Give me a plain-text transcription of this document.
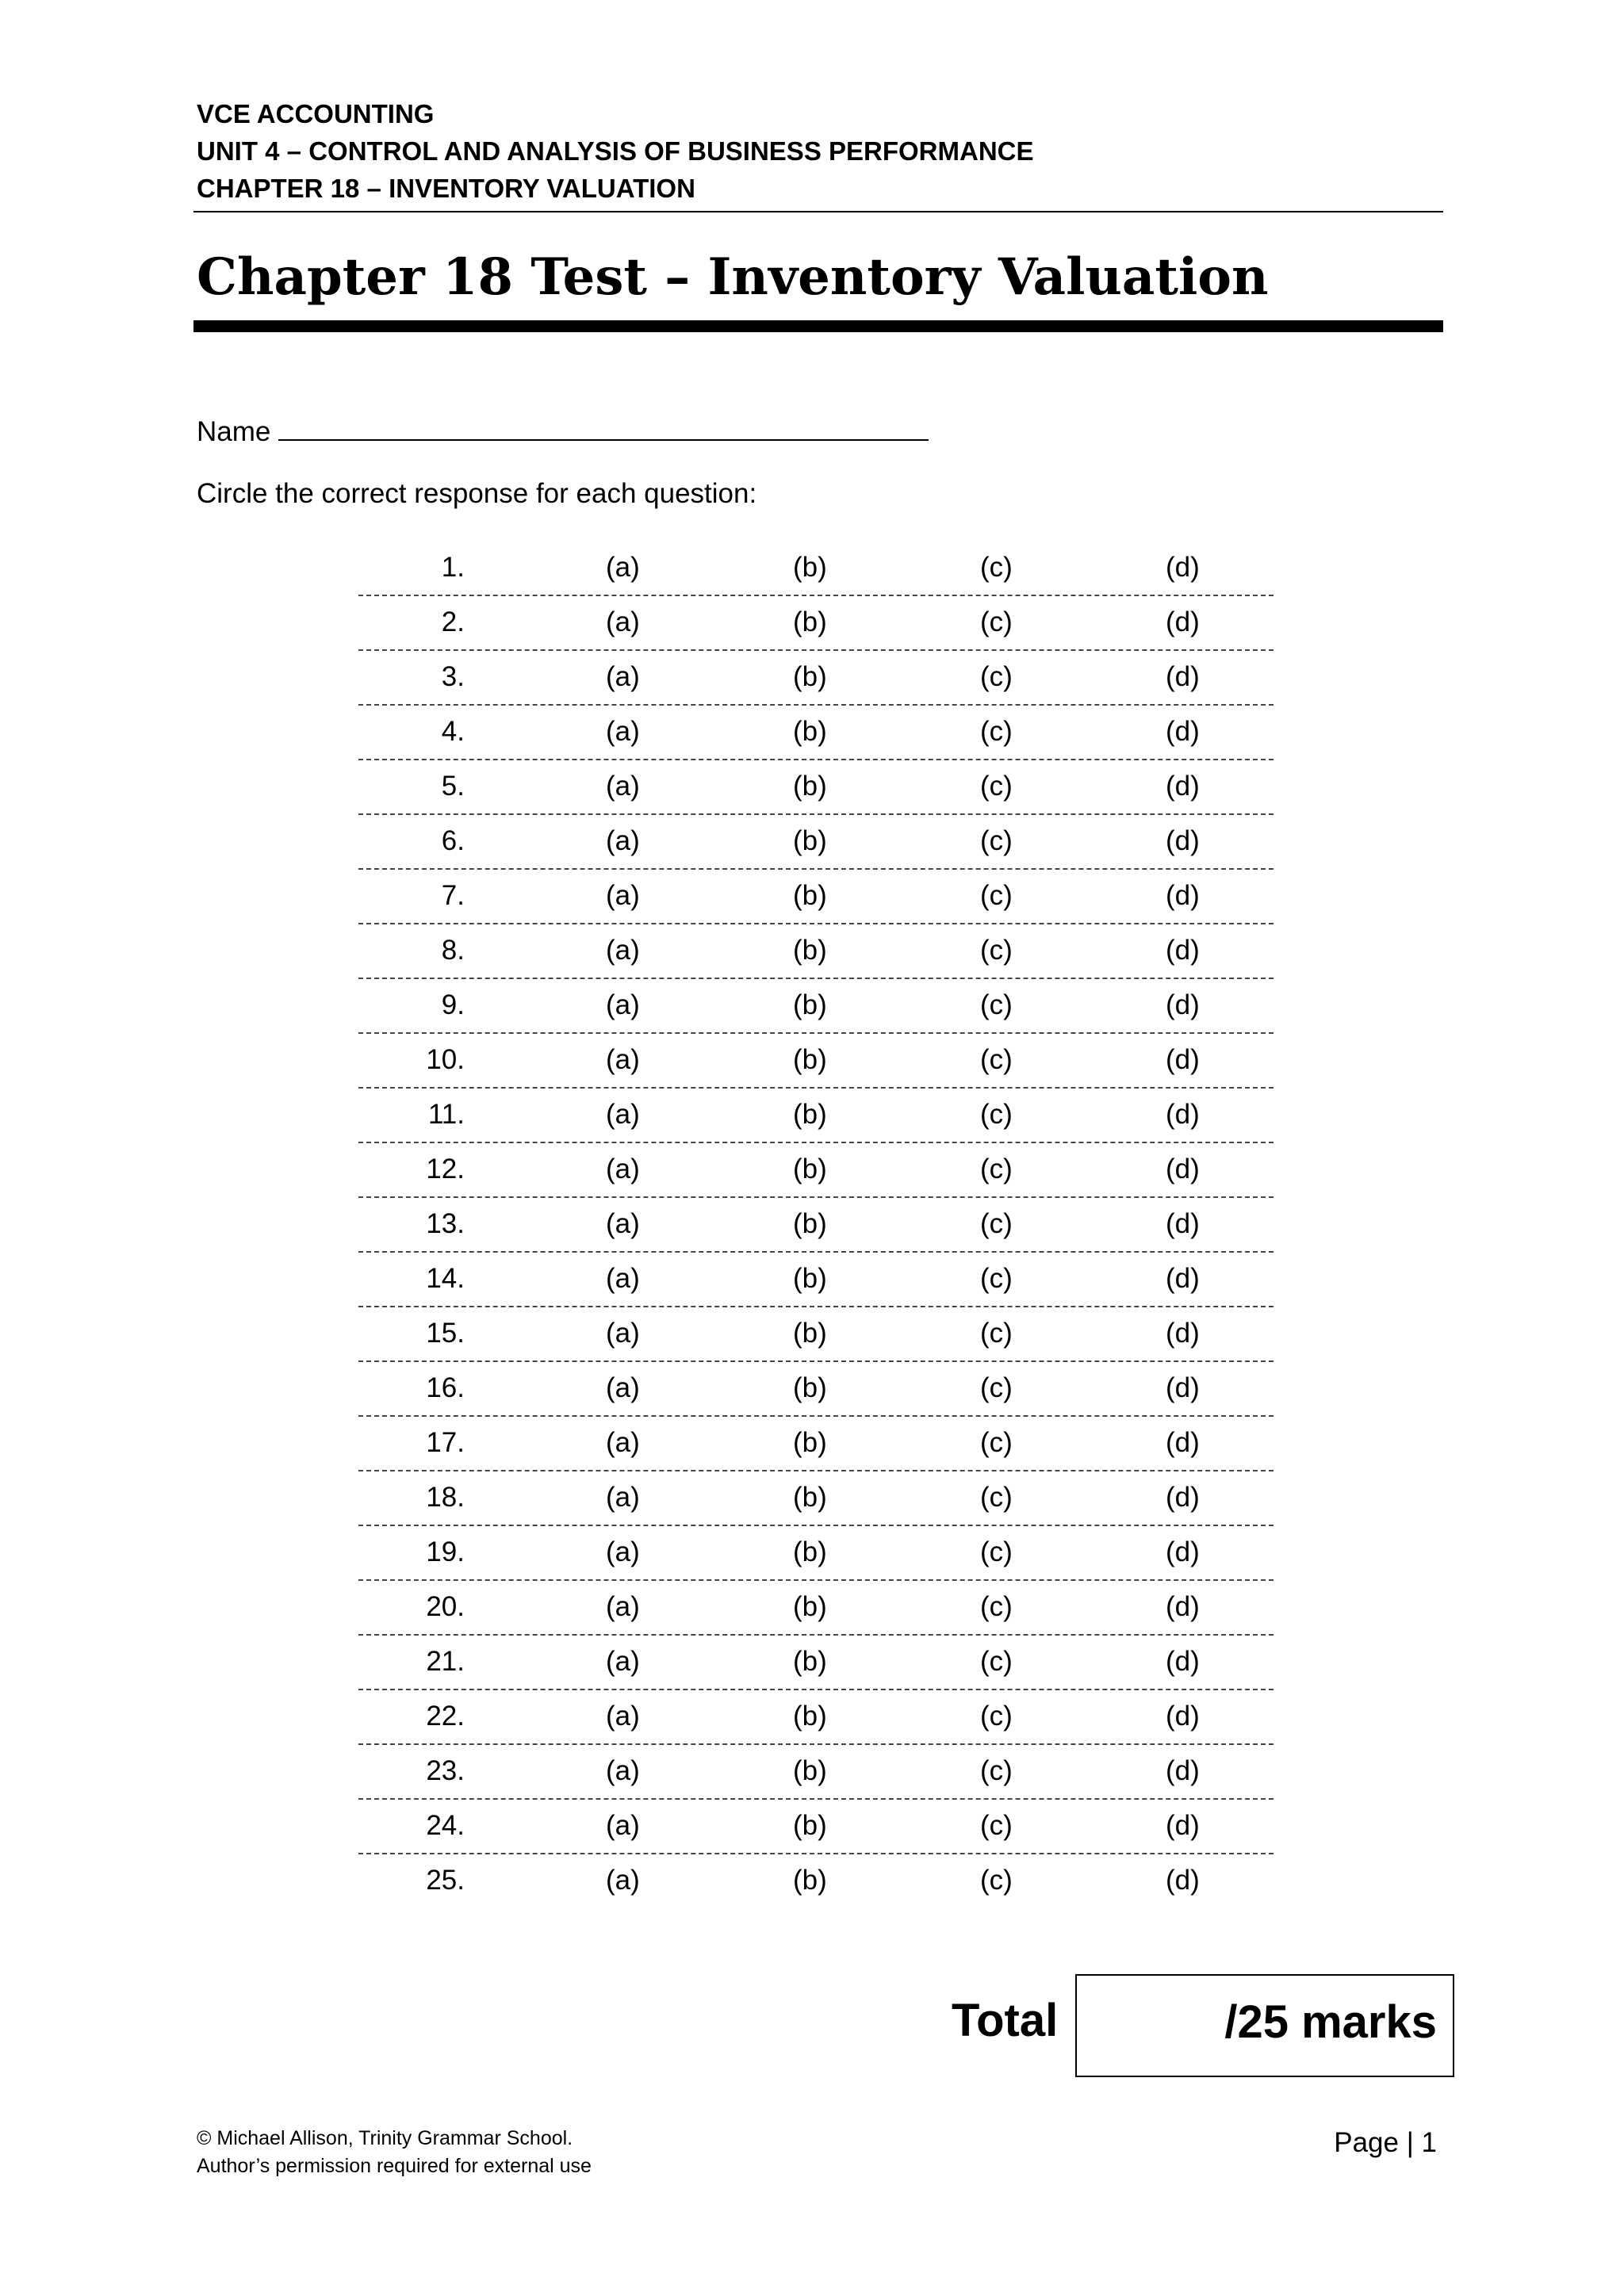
VCE ACCOUNTING
UNIT 4 – CONTROL AND ANALYSIS OF BUSINESS PERFORMANCE
CHAPTER 18 – INVENTORY VALUATION
Chapter 18 Test – Inventory Valuation
Name
Circle the correct response for each question:
1.	(a)	(b)	(c)	(d)
2.	(a)	(b)	(c)	(d)
3.	(a)	(b)	(c)	(d)
4.	(a)	(b)	(c)	(d)
5.	(a)	(b)	(c)	(d)
6.	(a)	(b)	(c)	(d)
7.	(a)	(b)	(c)	(d)
8.	(a)	(b)	(c)	(d)
9.	(a)	(b)	(c)	(d)
10.	(a)	(b)	(c)	(d)
11.	(a)	(b)	(c)	(d)
12.	(a)	(b)	(c)	(d)
13.	(a)	(b)	(c)	(d)
14.	(a)	(b)	(c)	(d)
15.	(a)	(b)	(c)	(d)
16.	(a)	(b)	(c)	(d)
17.	(a)	(b)	(c)	(d)
18.	(a)	(b)	(c)	(d)
19.	(a)	(b)	(c)	(d)
20.	(a)	(b)	(c)	(d)
21.	(a)	(b)	(c)	(d)
22.	(a)	(b)	(c)	(d)
23.	(a)	(b)	(c)	(d)
24.	(a)	(b)	(c)	(d)
25.	(a)	(b)	(c)	(d)
Total	/25 marks
© Michael Allison, Trinity Grammar School.
Author’s permission required for external use
Page | 1
